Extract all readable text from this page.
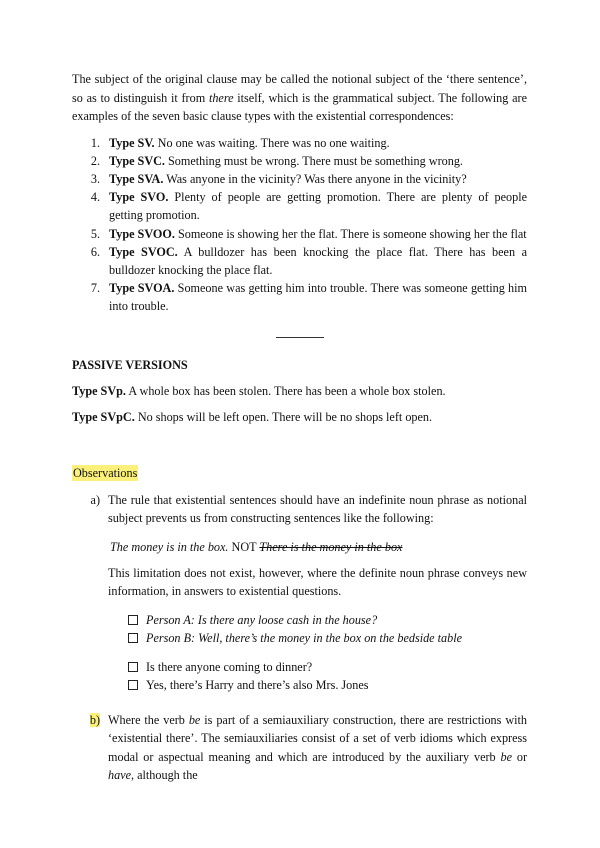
The subject of the original clause may be called the notional subject of the ‘there sentence’, so as to distinguish it from there itself, which is the grammatical subject. The following are examples of the seven basic clause types with the existential correspondences:

1. Type SV. No one was waiting. There was no one waiting.
2. Type SVC. Something must be wrong. There must be something wrong.
3. Type SVA. Was anyone in the vicinity? Was there anyone in the vicinity?
4. Type SVO. Plenty of people are getting promotion. There are plenty of people getting promotion.
5. Type SVOO. Someone is showing her the flat. There is someone showing her the flat
6. Type SVOC. A bulldozer has been knocking the place flat. There has been a bulldozer knocking the place flat.
7. Type SVOA. Someone was getting him into trouble. There was someone getting him into trouble.
PASSIVE VERSIONS

Type SVp. A whole box has been stolen. There has been a whole box stolen.

Type SVpC. No shops will be left open. There will be no shops left open.

Observations
a) The rule that existential sentences should have an indefinite noun phrase as notional subject prevents us from constructing sentences like the following:

The money is in the box. NOT There is the money in the box

This limitation does not exist, however, where the definite noun phrase conveys new information, in answers to existential questions.

Person A: Is there any loose cash in the house?
Person B: Well, there’s the money in the box on the bedside table
Is there anyone coming to dinner?
Yes, there’s Harry and there’s also Mrs. Jones
b) Where the verb be is part of a semiauxiliary construction, there are restrictions with ‘existential there’. The semiauxiliaries consist of a set of verb idioms which express modal or aspectual meaning and which are introduced by the auxiliary verb be or have, although the
